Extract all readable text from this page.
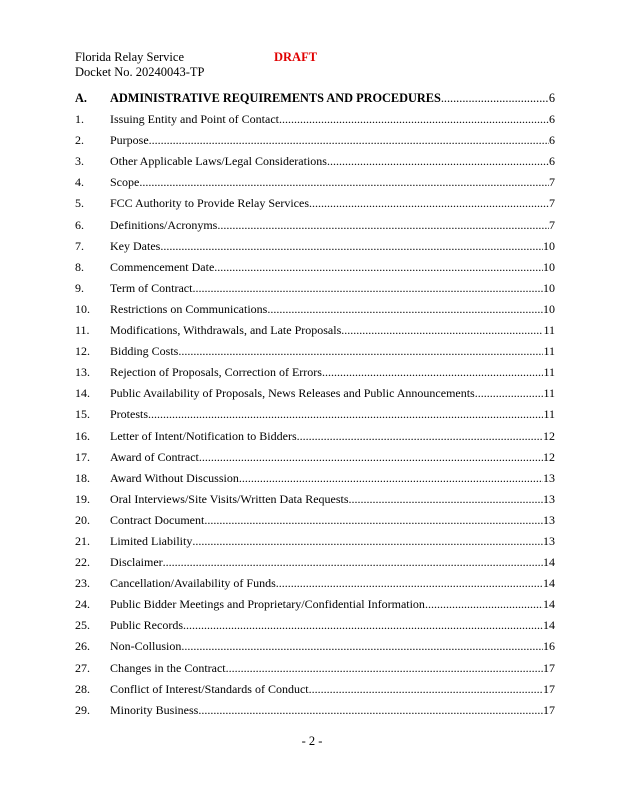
Florida Relay Service
Docket No. 20240043-TP
DRAFT
A.	ADMINISTRATIVE REQUIREMENTS AND PROCEDURES .....	6
1.	Issuing Entity and Point of Contact .....	6
2.	Purpose .....	6
3.	Other Applicable Laws/Legal Considerations .....	6
4.	Scope .....	7
5.	FCC Authority to Provide Relay Services .....	7
6.	Definitions/Acronyms .....	7
7.	Key Dates .....	10
8.	Commencement Date .....	10
9.	Term of Contract .....	10
10.	Restrictions on Communications .....	10
11.	Modifications, Withdrawals, and Late Proposals .....	11
12.	Bidding Costs .....	11
13.	Rejection of Proposals, Correction of Errors .....	11
14.	Public Availability of Proposals, News Releases and Public Announcements .....	11
15.	Protests .....	11
16.	Letter of Intent/Notification to Bidders .....	12
17.	Award of Contract .....	12
18.	Award Without Discussion .....	13
19.	Oral Interviews/Site Visits/Written Data Requests .....	13
20.	Contract Document .....	13
21.	Limited Liability .....	13
22.	Disclaimer .....	14
23.	Cancellation/Availability of Funds .....	14
24.	Public Bidder Meetings and Proprietary/Confidential Information .....	14
25.	Public Records .....	14
26.	Non-Collusion .....	16
27.	Changes in the Contract .....	17
28.	Conflict of Interest/Standards of Conduct .....	17
29.	Minority Business .....	17
- 2 -
